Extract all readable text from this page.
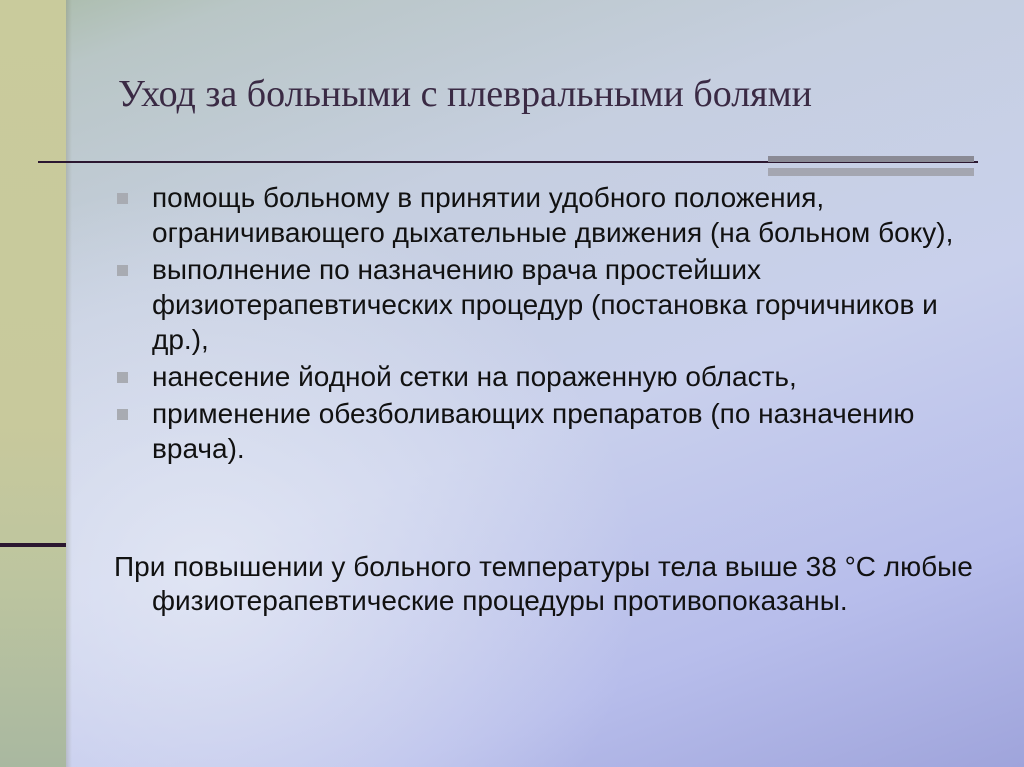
Уход за больными с плевральными болями
помощь больному в принятии удобного положения, ограничивающего дыхательные движения (на больном боку),
выполнение по назначению врача простейших физиотерапевтических процедур (постановка горчичников и др.),
нанесение йодной сетки на пораженную область,
применение обезболивающих препаратов (по назначению врача).

При повышении у больного температуры тела выше 38 °С любые физиотерапевтические процедуры противопоказаны.
